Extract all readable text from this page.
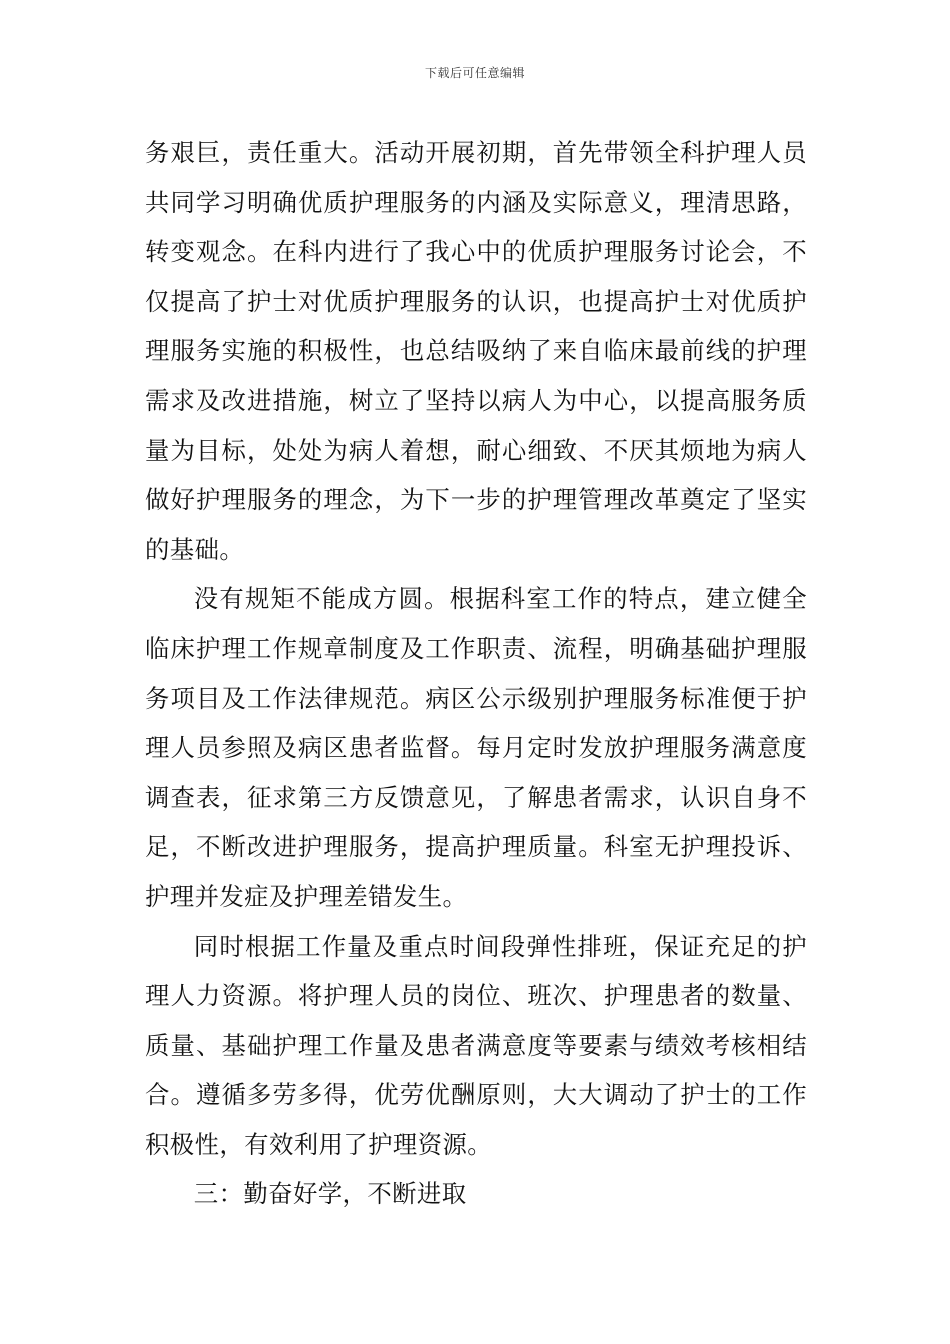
下载后可任意编辑

务艰巨，责任重大。活动开展初期，首先带领全科护理人员共同学习明确优质护理服务的内涵及实际意义，理清思路，转变观念。在科内进行了我心中的优质护理服务讨论会，不仅提高了护士对优质护理服务的认识，也提高护士对优质护理服务实施的积极性，也总结吸纳了来自临床最前线的护理需求及改进措施，树立了坚持以病人为中心，以提高服务质量为目标，处处为病人着想，耐心细致、不厌其烦地为病人做好护理服务的理念，为下一步的护理管理改革奠定了坚实的基础。

没有规矩不能成方圆。根据科室工作的特点，建立健全临床护理工作规章制度及工作职责、流程，明确基础护理服务项目及工作法律规范。病区公示级别护理服务标准便于护理人员参照及病区患者监督。每月定时发放护理服务满意度调查表，征求第三方反馈意见，了解患者需求，认识自身不足，不断改进护理服务，提高护理质量。科室无护理投诉、护理并发症及护理差错发生。

同时根据工作量及重点时间段弹性排班，保证充足的护理人力资源。将护理人员的岗位、班次、护理患者的数量、质量、基础护理工作量及患者满意度等要素与绩效考核相结合。遵循多劳多得，优劳优酬原则，大大调动了护士的工作积极性，有效利用了护理资源。

三：勤奋好学，不断进取
